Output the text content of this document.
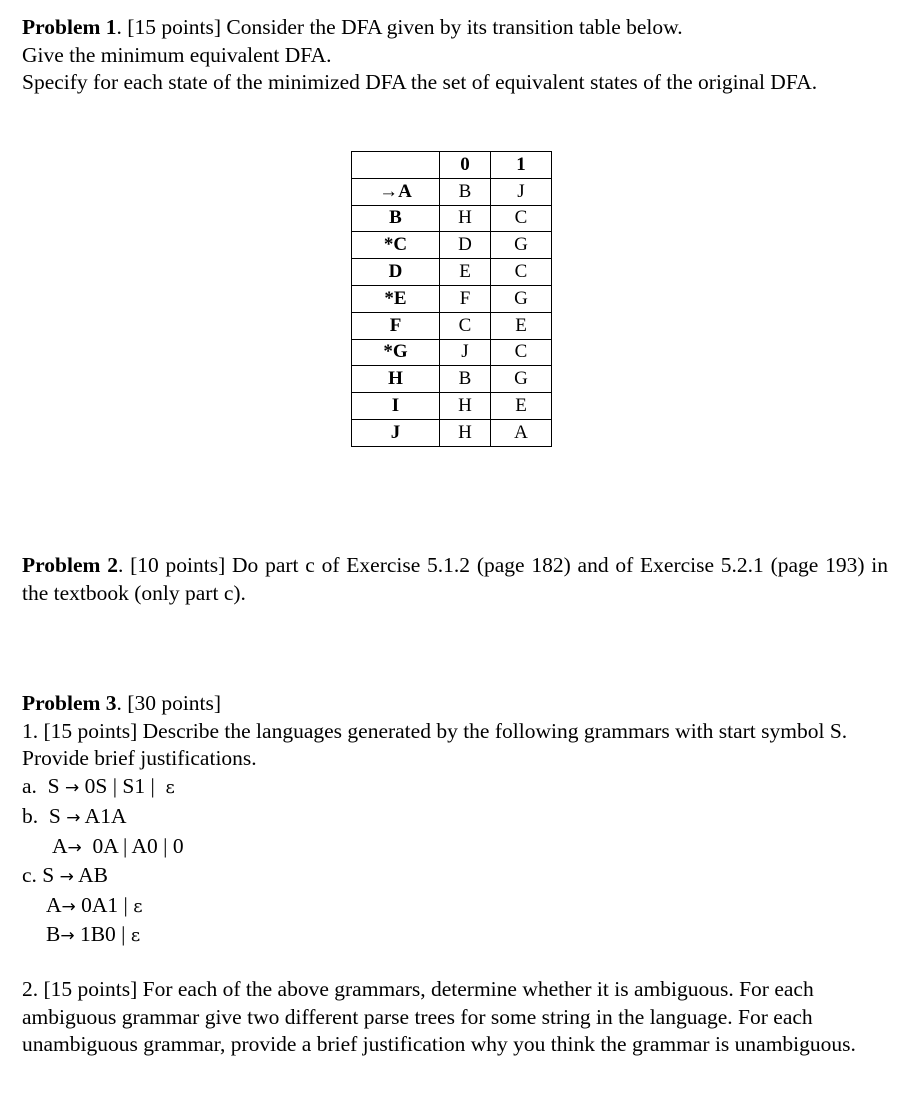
Problem 1. [15 points] Consider the DFA given by its transition table below.
Give the minimum equivalent DFA.
Specify for each state of the minimized DFA the set of equivalent states of the original DFA.
	0	1
→A	B	J
B	H	C
*C	D	G
D	E	C
*E	F	G
F	C	E
*G	J	C
H	B	G
I	H	E
J	H	A
Problem 2. [10 points] Do part c of Exercise 5.1.2 (page 182) and of Exercise 5.2.1 (page 193) in the textbook (only part c).
Problem 3. [30 points]
1. [15 points] Describe the languages generated by the following grammars with start symbol S. Provide brief justifications.
a. S → 0S | S1 | ε
b. S → A1A
A→ 0A | A0 | 0
c. S → AB
A→ 0A1 | ε
B→ 1B0 | ε
2. [15 points] For each of the above grammars, determine whether it is ambiguous. For each ambiguous grammar give two different parse trees for some string in the language. For each unambiguous grammar, provide a brief justification why you think the grammar is unambiguous.
